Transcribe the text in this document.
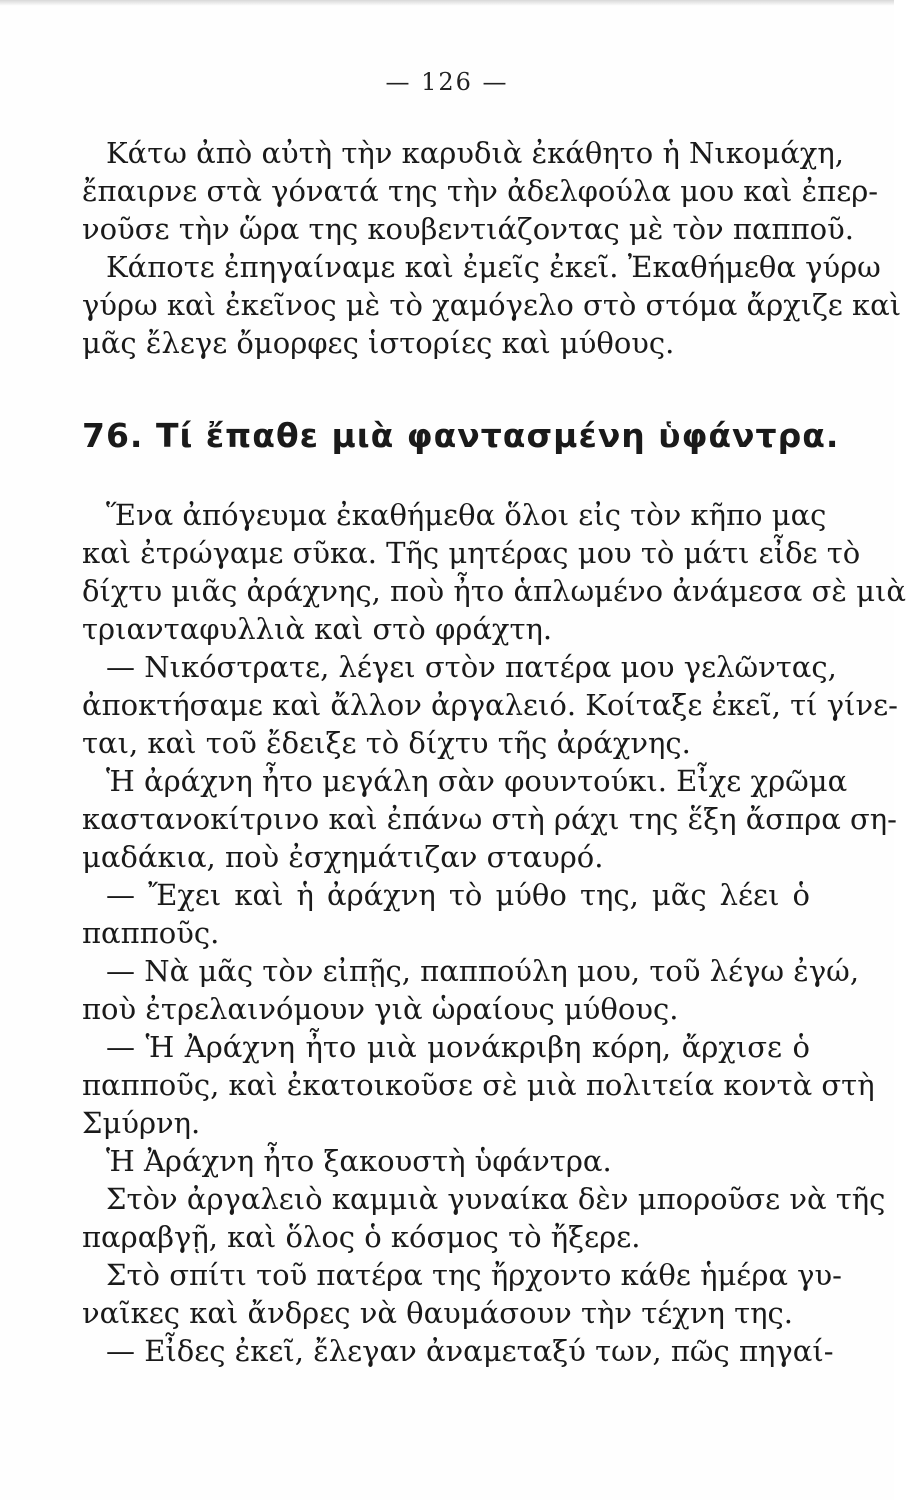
— 126 —
Κάτω ἀπὸ αὐτὴ τὴν καρυδιὰ ἐκάθητο ἡ Νικομάχη,
ἔπαιρνε στὰ γόνατά της τὴν ἀδελφούλα μου καὶ ἐπερ-
νοῦσε τὴν ὥρα της κουβεντιάζοντας μὲ τὸν παπποῦ.
Κάποτε ἐπηγαίναμε καὶ ἐμεῖς ἐκεῖ. Ἐκαθήμεθα γύρω
γύρω καὶ ἐκεῖνος μὲ τὸ χαμόγελο στὸ στόμα ἄρχιζε καὶ
μᾶς ἔλεγε ὄμορφες ἱστορίες καὶ μύθους.
76. Τί ἔπαθε μιὰ φαντασμένη ὑφάντρα.
Ἕνα ἀπόγευμα ἐκαθήμεθα ὅλοι εἰς τὸν κῆπο μας
καὶ ἐτρώγαμε σῦκα. Τῆς μητέρας μου τὸ μάτι εἶδε τὸ
δίχτυ μιᾶς ἀράχνης, ποὺ ἦτο ἁπλωμένο ἀνάμεσα σὲ μιὰ
τριανταφυλλιὰ καὶ στὸ φράχτη.
— Νικόστρατε, λέγει στὸν πατέρα μου γελῶντας,
ἀποκτήσαμε καὶ ἄλλον ἀργαλειό. Κοίταξε ἐκεῖ, τί γίνε-
ται, καὶ τοῦ ἔδειξε τὸ δίχτυ τῆς ἀράχνης.
Ἡ ἀράχνη ἦτο μεγάλη σὰν φουντούκι. Εἶχε χρῶμα
καστανοκίτρινο καὶ ἐπάνω στὴ ράχι της ἕξη ἄσπρα ση-
μαδάκια, ποὺ ἐσχημάτιζαν σταυρό.
— Ἔχει καὶ ἡ ἀράχνη τὸ μύθο της, μᾶς λέει ὁ
παπποῦς.
— Νὰ μᾶς τὸν εἰπῇς, παππούλη μου, τοῦ λέγω ἐγώ,
ποὺ ἐτρελαινόμουν γιὰ ὡραίους μύθους.
— Ἡ Ἀράχνη ἦτο μιὰ μονάκριβη κόρη, ἄρχισε ὁ
παπποῦς, καὶ ἐκατοικοῦσε σὲ μιὰ πολιτεία κοντὰ στὴ
Σμύρνη.
Ἡ Ἀράχνη ἦτο ξακουστὴ ὑφάντρα.
Στὸν ἀργαλειὸ καμμιὰ γυναίκα δὲν μποροῦσε νὰ τῆς
παραβγῇ, καὶ ὅλος ὁ κόσμος τὸ ἤξερε.
Στὸ σπίτι τοῦ πατέρα της ἤρχοντο κάθε ἡμέρα γυ-
ναῖκες καὶ ἄνδρες νὰ θαυμάσουν τὴν τέχνη της.
— Εἶδες ἐκεῖ, ἔλεγαν ἀναμεταξύ των, πῶς πηγαί-
